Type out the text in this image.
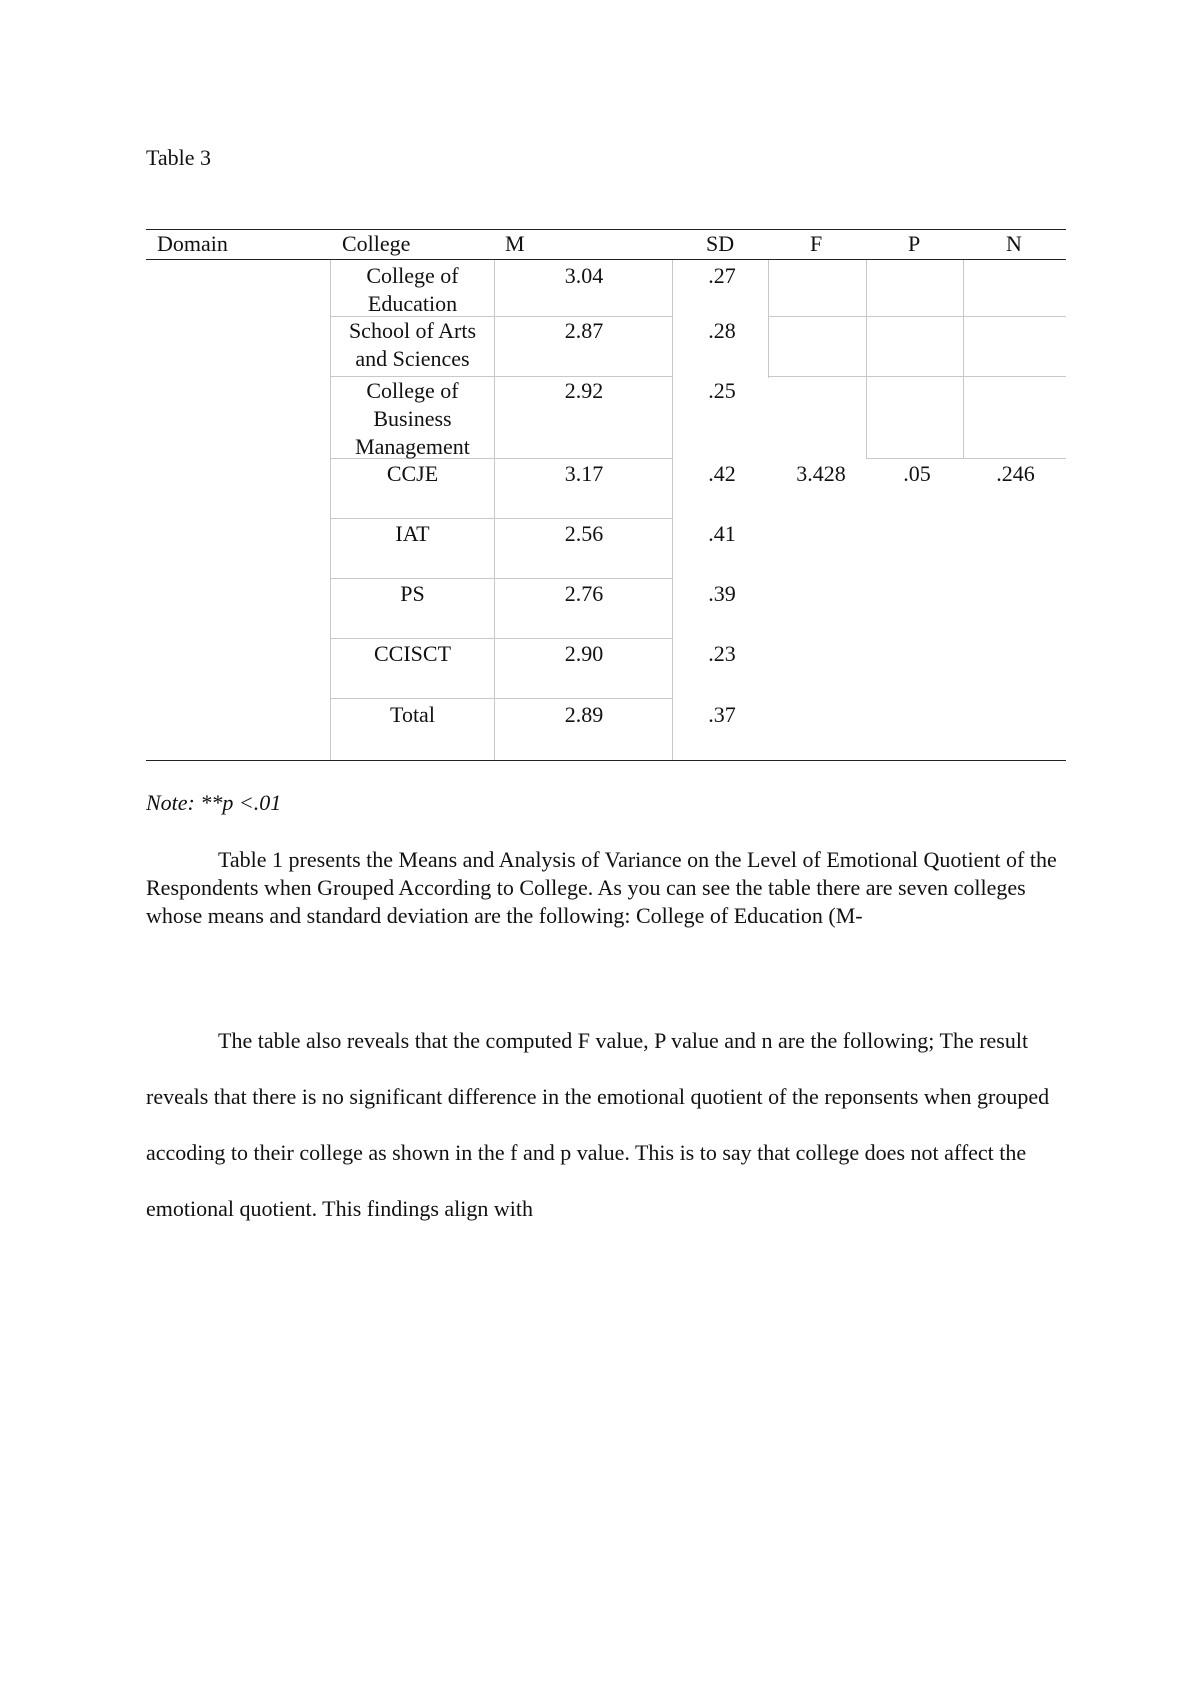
Table 3
Domain	College	M	SD	F	P	N
College of
Education
3.04	.27
School of Arts
and Sciences
2.87	.28
College of
Business
Management
2.92	.25
CCJE	3.17	.42	3.428	.05	.246
IAT	2.56	.41
PS	2.76	.39
CCISCT	2.90	.23
Total	2.89	.37
Note: **p <.01
Table 1 presents the Means and Analysis of Variance on the Level of Emotional Quotient of the Respondents when Grouped According to College. As you can see the table there are seven colleges whose means and standard deviation are the following: College of Education (M-
The table also reveals that the computed F value, P value and n are the following; The result reveals that there is no significant difference in the emotional quotient of the reponsents when grouped accoding to their college as shown in the f and p value. This is to say that college does not affect the emotional quotient. This findings align with
